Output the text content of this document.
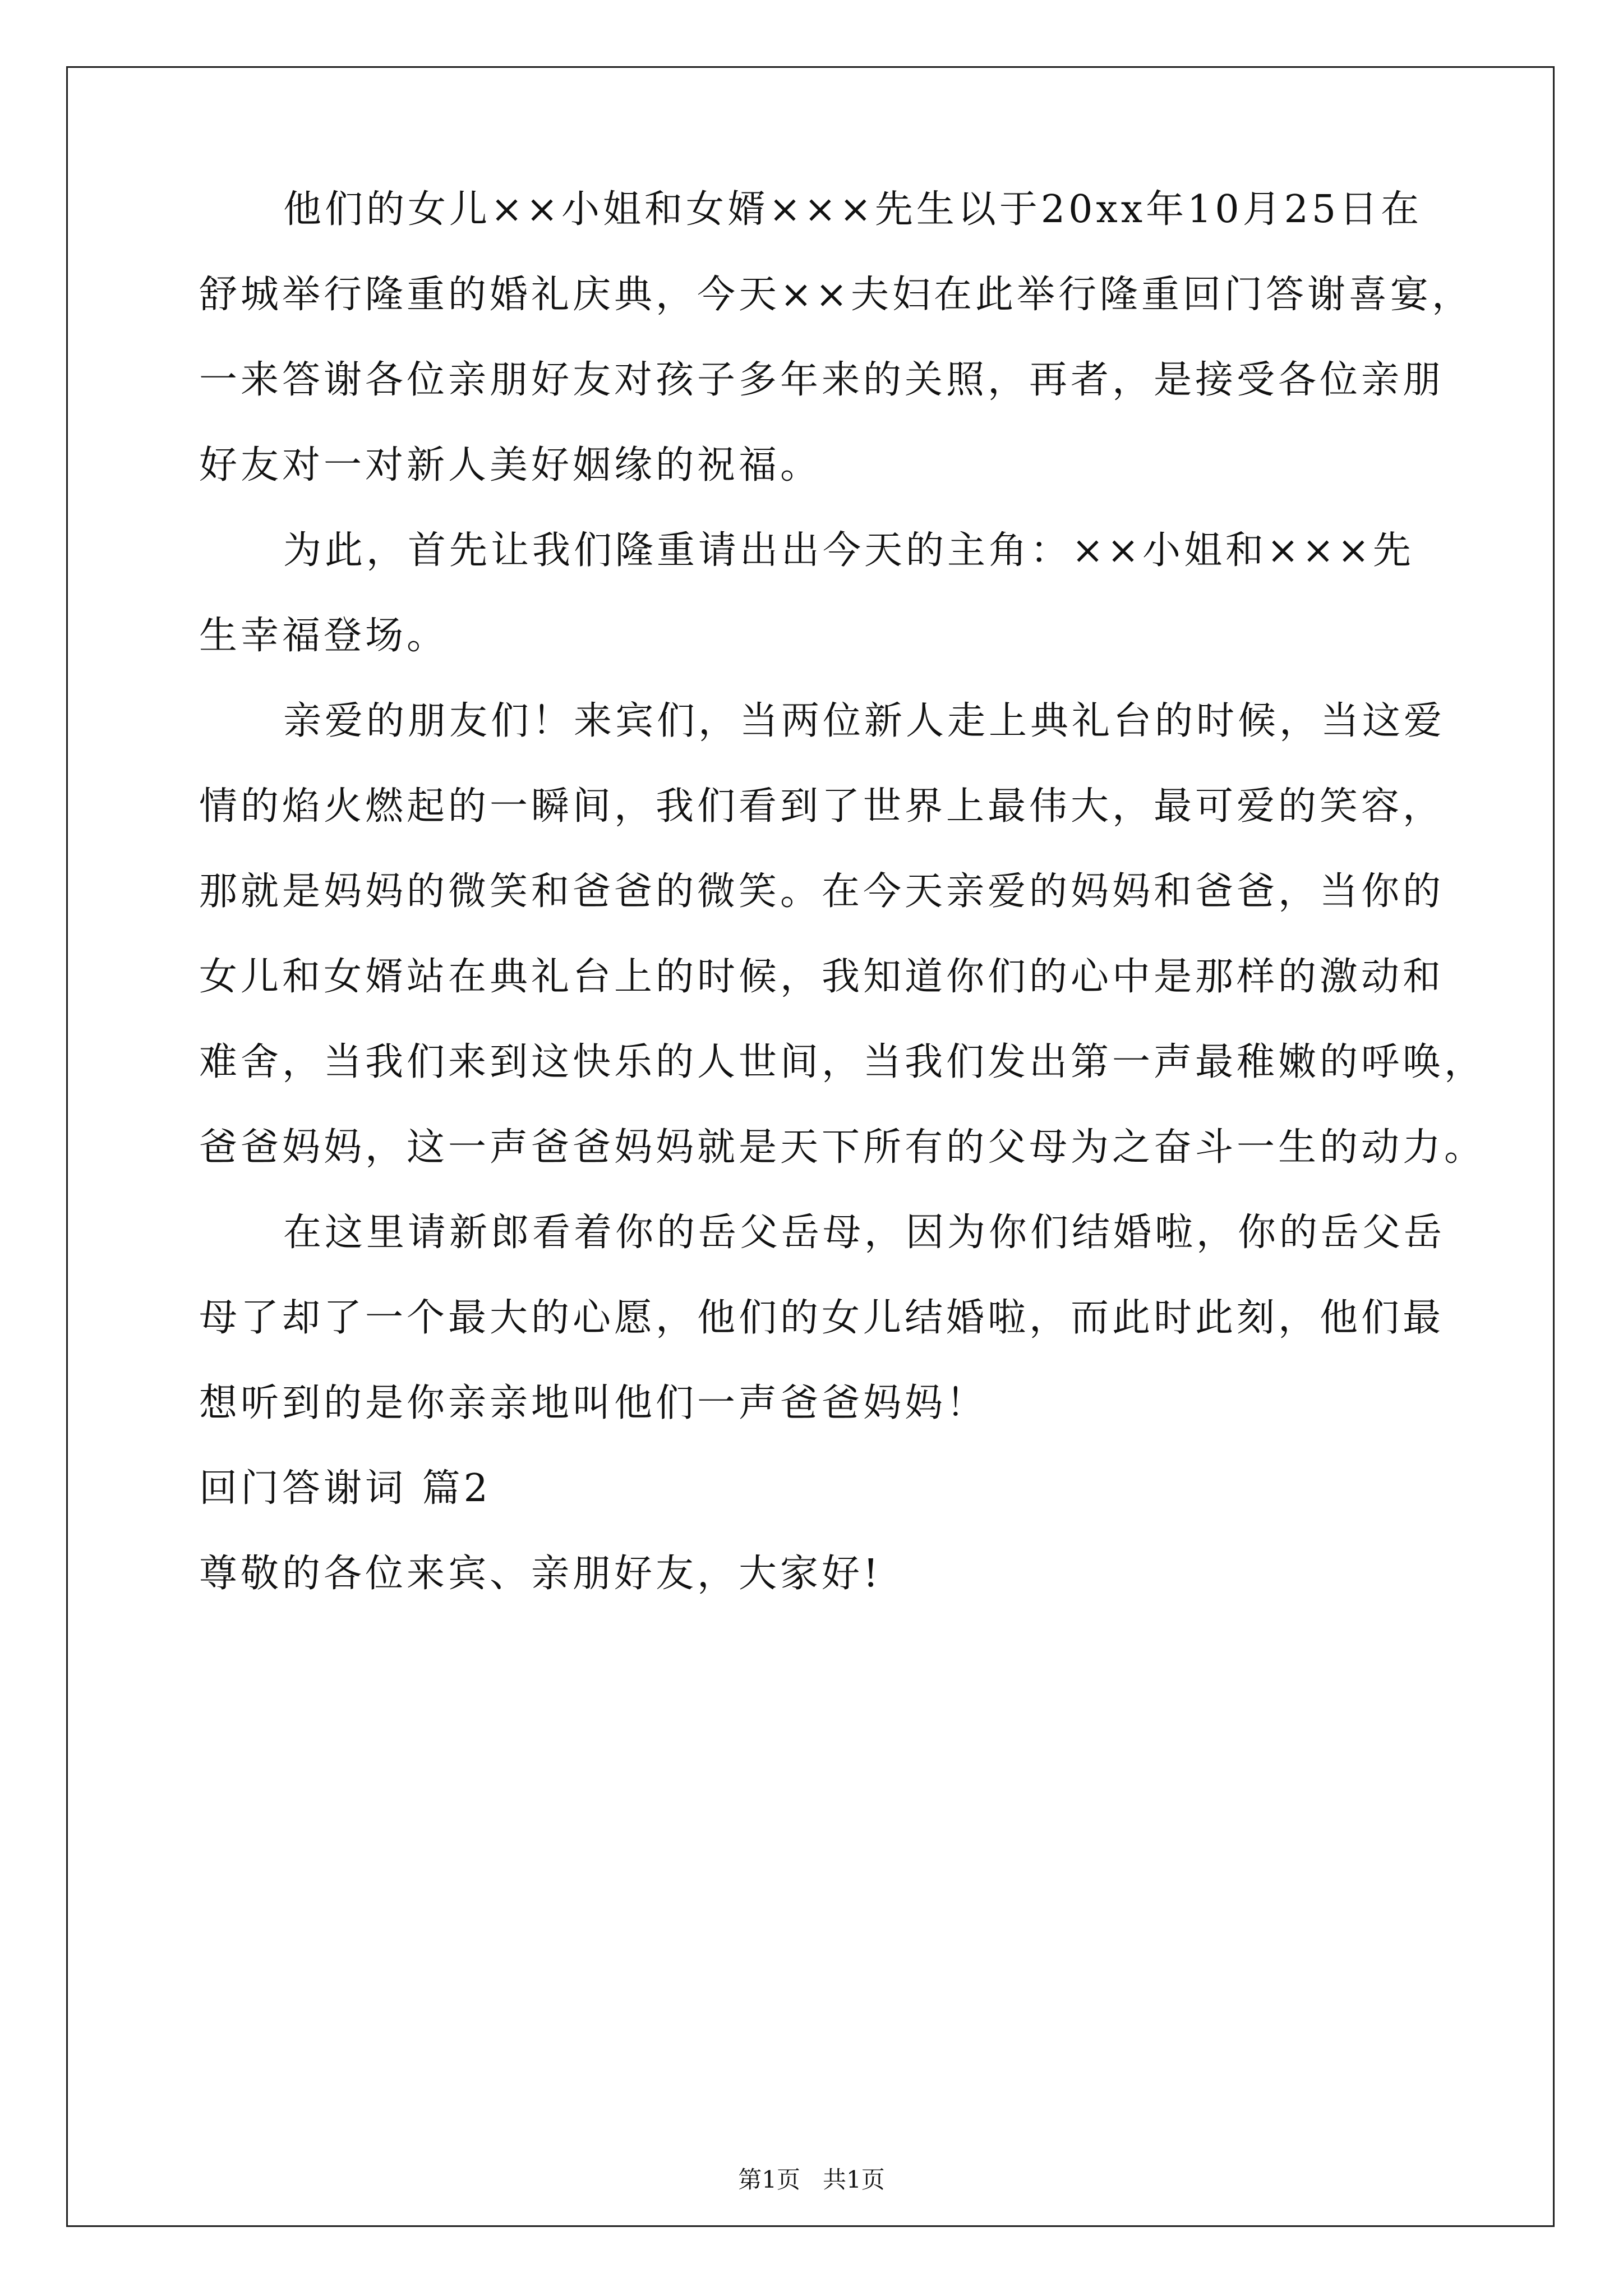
他们的女儿××小姐和女婿×××先生以于20xx年10月25日在
舒城举行隆重的婚礼庆典，今天××夫妇在此举行隆重回门答谢喜宴，
一来答谢各位亲朋好友对孩子多年来的关照，再者，是接受各位亲朋
好友对一对新人美好姻缘的祝福。
为此，首先让我们隆重请出出今天的主角：××小姐和×××先
生幸福登场。
亲爱的朋友们！来宾们，当两位新人走上典礼台的时候，当这爱
情的焰火燃起的一瞬间，我们看到了世界上最伟大，最可爱的笑容，
那就是妈妈的微笑和爸爸的微笑。在今天亲爱的妈妈和爸爸，当你的
女儿和女婿站在典礼台上的时候，我知道你们的心中是那样的激动和
难舍，当我们来到这快乐的人世间，当我们发出第一声最稚嫩的呼唤，
爸爸妈妈，这一声爸爸妈妈就是天下所有的父母为之奋斗一生的动力。
在这里请新郎看着你的岳父岳母，因为你们结婚啦，你的岳父岳
母了却了一个最大的心愿，他们的女儿结婚啦，而此时此刻，他们最
想听到的是你亲亲地叫他们一声爸爸妈妈！
回门答谢词 篇2
尊敬的各位来宾、亲朋好友，大家好!
第1页   共1页
